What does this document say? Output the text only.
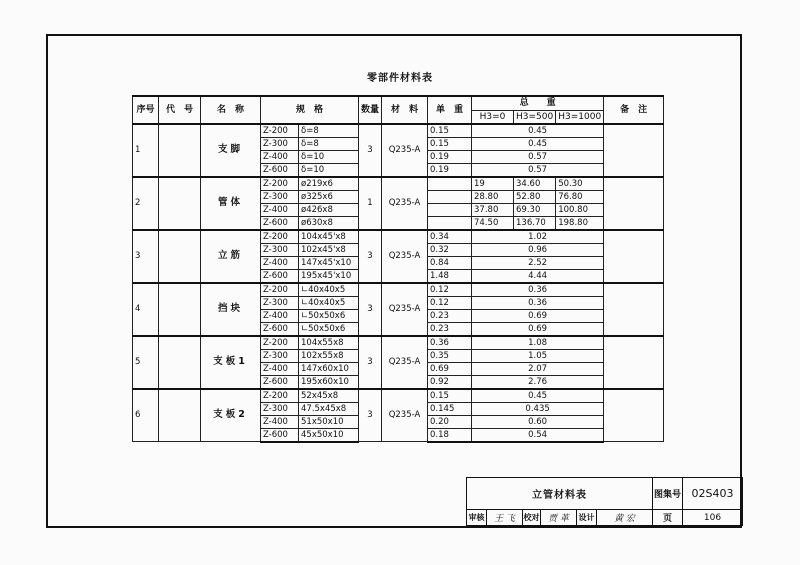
零部件材料表
序号	代　号	名　称	规　格		数量	材　料	单　重	总　　重			备　注
								H3=0	H3=500	H3=1000	
1		支脚	Z-200	δ=8	3	Q235-A	0.15	0.45			
			Z-300	δ=8			0.15	0.45			
			Z-400	δ=10			0.19	0.57			
			Z-600	δ=10			0.19	0.57			
2		管体	Z-200	ø219x6	1	Q235-A		19	34.60	50.30	
			Z-300	ø325x6				28.80	52.80	76.80	
			Z-400	ø426x8				37.80	69.30	100.80	
			Z-600	ø630x8				74.50	136.70	198.80	
3		立筋	Z-200	104x45'x8	3	Q235-A	0.34	1.02			
			Z-300	102x45'x8			0.32	0.96			
			Z-400	147x45'x10			0.84	2.52			
			Z-600	195x45'x10			1.48	4.44			
4		挡块	Z-200	∟40x40x5	3	Q235-A	0.12	0.36			
			Z-300	∟40x40x5			0.12	0.36			
			Z-400	∟50x50x6			0.23	0.69			
			Z-600	∟50x50x6			0.23	0.69			
5		支板1	Z-200	104x55x8	3	Q235-A	0.36	1.08			
			Z-300	102x55x8			0.35	1.05			
			Z-400	147x60x10			0.69	2.07			
			Z-600	195x60x10			0.92	2.76			
6		支板2	Z-200	52x45x8	3	Q235-A	0.15	0.45			
			Z-300	47.5x45x8			0.145	0.435			
			Z-400	51x50x10			0.20	0.60			
			Z-600	45x50x10			0.18	0.54			
立管材料表						图集号	02S403
审核	王 飞	校对	贾 革	设计	黄 宏	页	106
